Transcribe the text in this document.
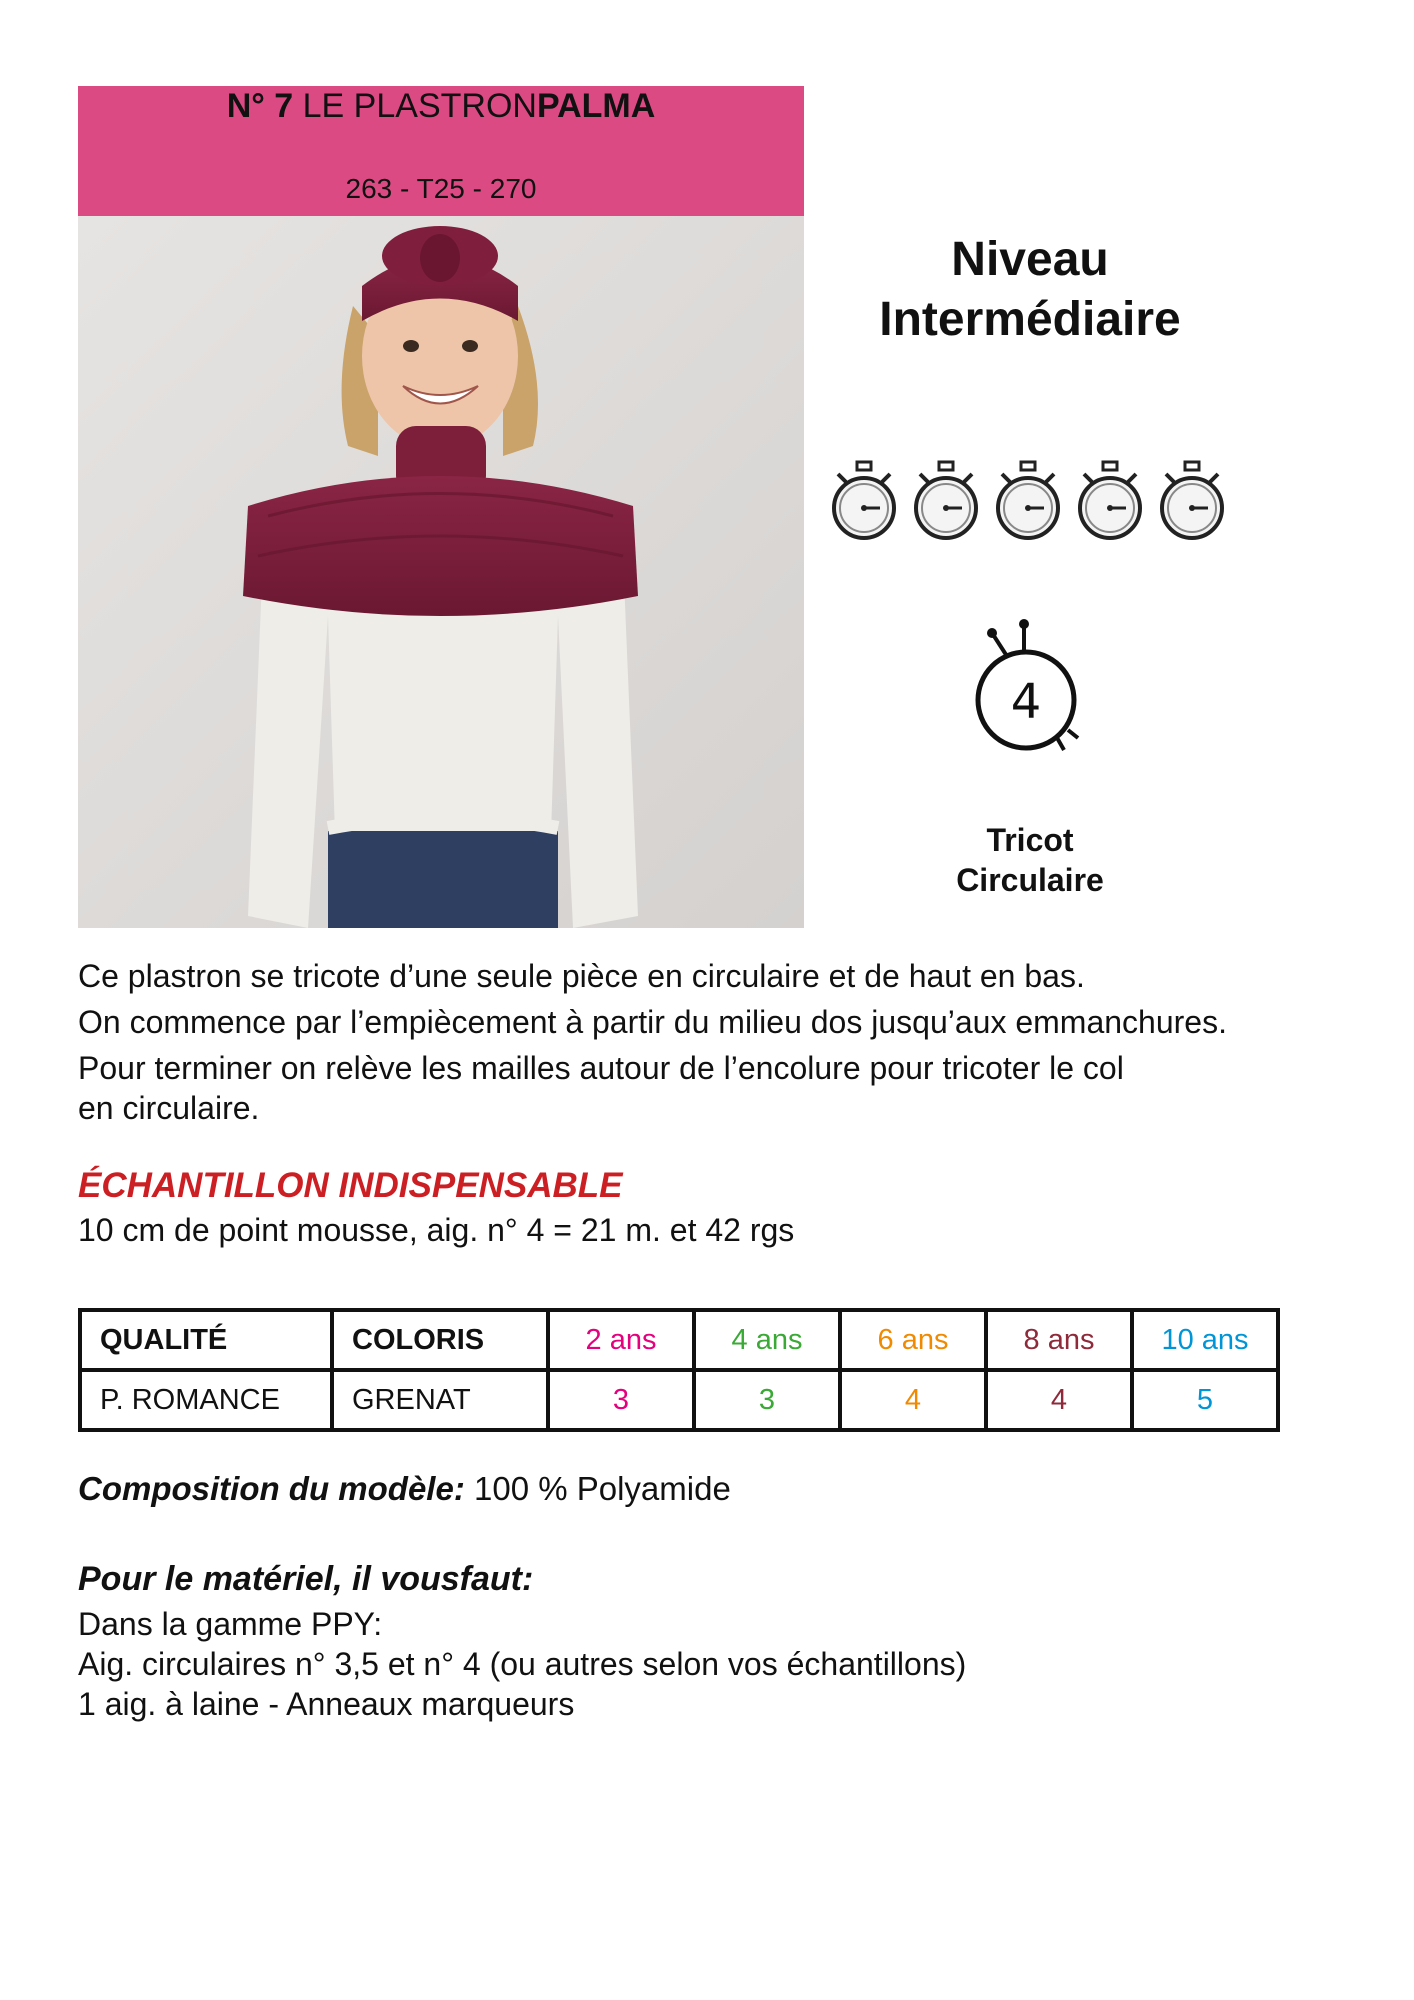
N° 7 LE PLASTRONPALMA
263 - T25 - 270
Niveau
Intermédiaire
4
Tricot
Circulaire

Ce plastron se tricote d’une seule pièce en circulaire et de haut en bas.

On commence par l’empiècement à partir du milieu dos jusqu’aux emmanchures.

Pour terminer on relève les mailles autour de l’encolure pour tricoter le col
en circulaire.

ÉCHANTILLON INDISPENSABLE
10 cm de point mousse, aig. n° 4 = 21 m. et 42 rgs
QUALITÉ	COLORIS	2 ans	4 ans	6 ans	8 ans	10 ans
P. ROMANCE	GRENAT	3	3	4	4	5
Composition du modèle: 100 % Polyamide
Pour le matériel, il vousfaut:
Dans la gamme PPY:
Aig. circulaires n° 3,5 et n° 4 (ou autres selon vos échantillons)
1 aig. à laine - Anneaux marqueurs
